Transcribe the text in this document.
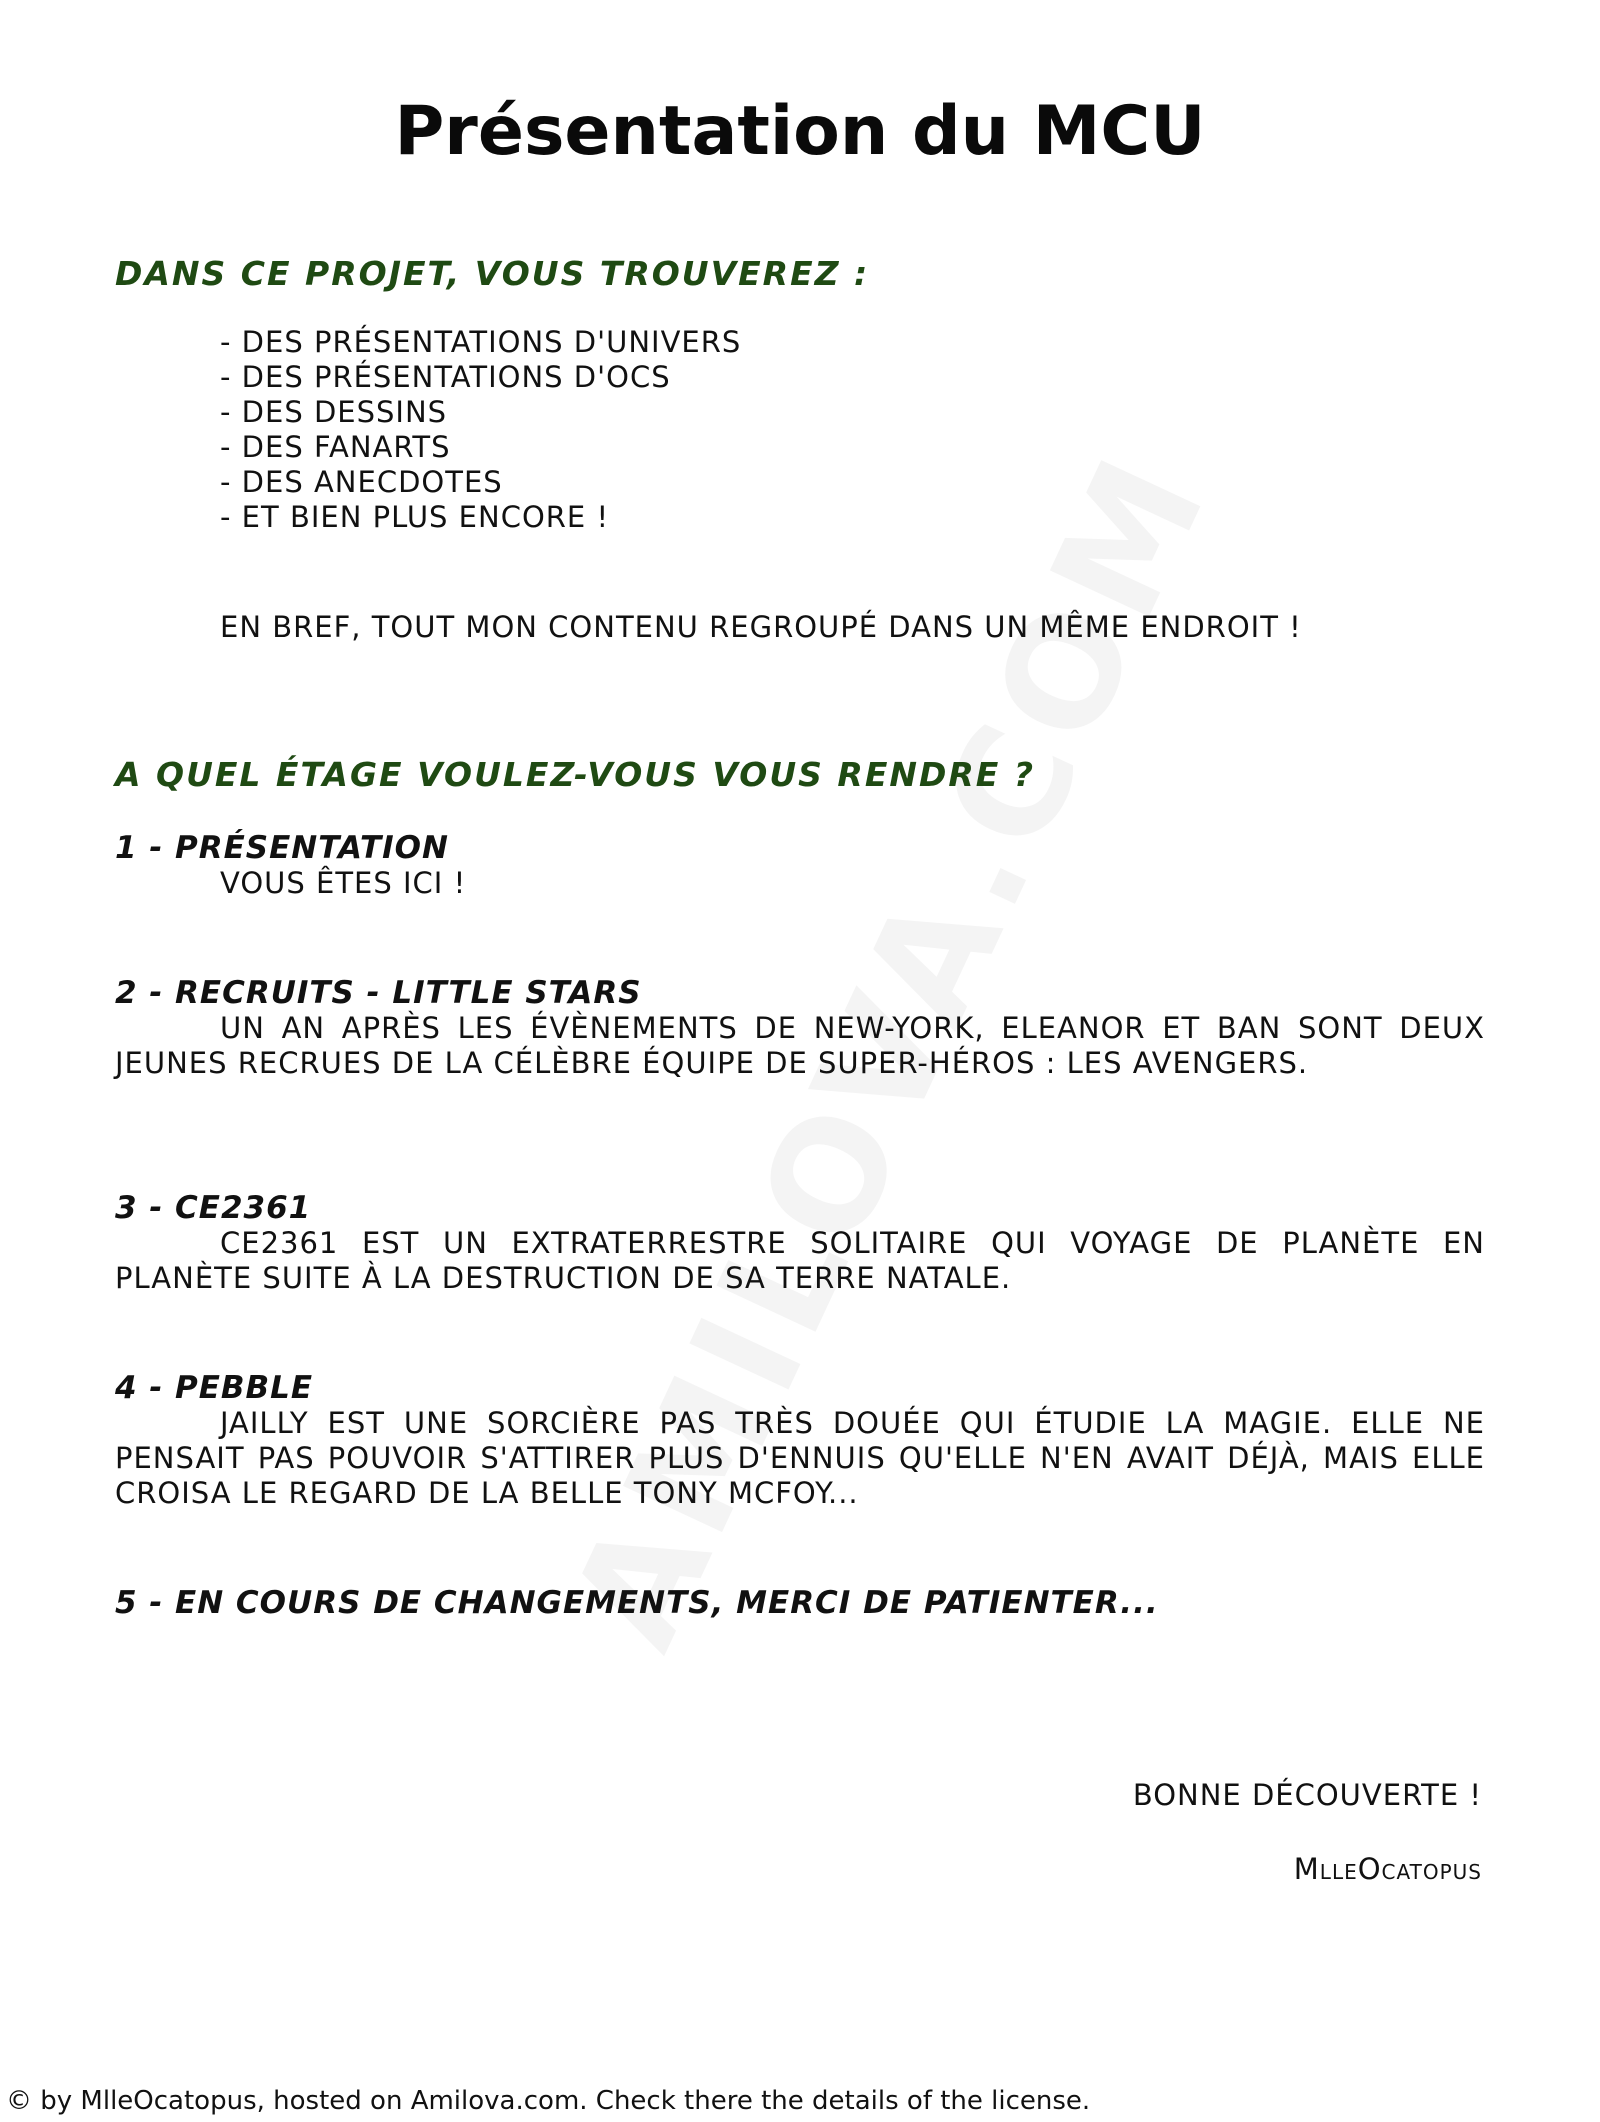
Présentation du MCU
DANS CE PROJET, VOUS TROUVEREZ :
- DES PRÉSENTATIONS D'UNIVERS
- DES PRÉSENTATIONS D'OCS
- DES DESSINS
- DES FANARTS
- DES ANECDOTES
- ET BIEN PLUS ENCORE !
EN BREF, TOUT MON CONTENU REGROUPÉ DANS UN MÊME ENDROIT !
A QUEL ÉTAGE VOULEZ-VOUS VOUS RENDRE ?
1 - PRÉSENTATION

VOUS ÊTES ICI !

2 - RECRUITS - LITTLE STARS

UN AN APRÈS LES ÉVÈNEMENTS DE NEW-YORK, ELEANOR ET BAN SONT DEUX JEUNES RECRUES DE LA CÉLÈBRE ÉQUIPE DE SUPER-HÉROS : LES AVENGERS.

3 - CE2361

CE2361 EST UN EXTRATERRESTRE SOLITAIRE QUI VOYAGE DE PLANÈTE EN PLANÈTE SUITE À LA DESTRUCTION DE SA TERRE NATALE.

4 - PEBBLE

JAILLY EST UNE SORCIÈRE PAS TRÈS DOUÉE QUI ÉTUDIE LA MAGIE. ELLE NE PENSAIT PAS POUVOIR S'ATTIRER PLUS D'ENNUIS QU'ELLE N'EN AVAIT DÉJÀ, MAIS ELLE CROISA LE REGARD DE LA BELLE TONY MCFOY...

5 - EN COURS DE CHANGEMENTS, MERCI DE PATIENTER...
BONNE DÉCOUVERTE !
MlleOcatopus
© by MlleOcatopus, hosted on Amilova.com. Check there the details of the license.
